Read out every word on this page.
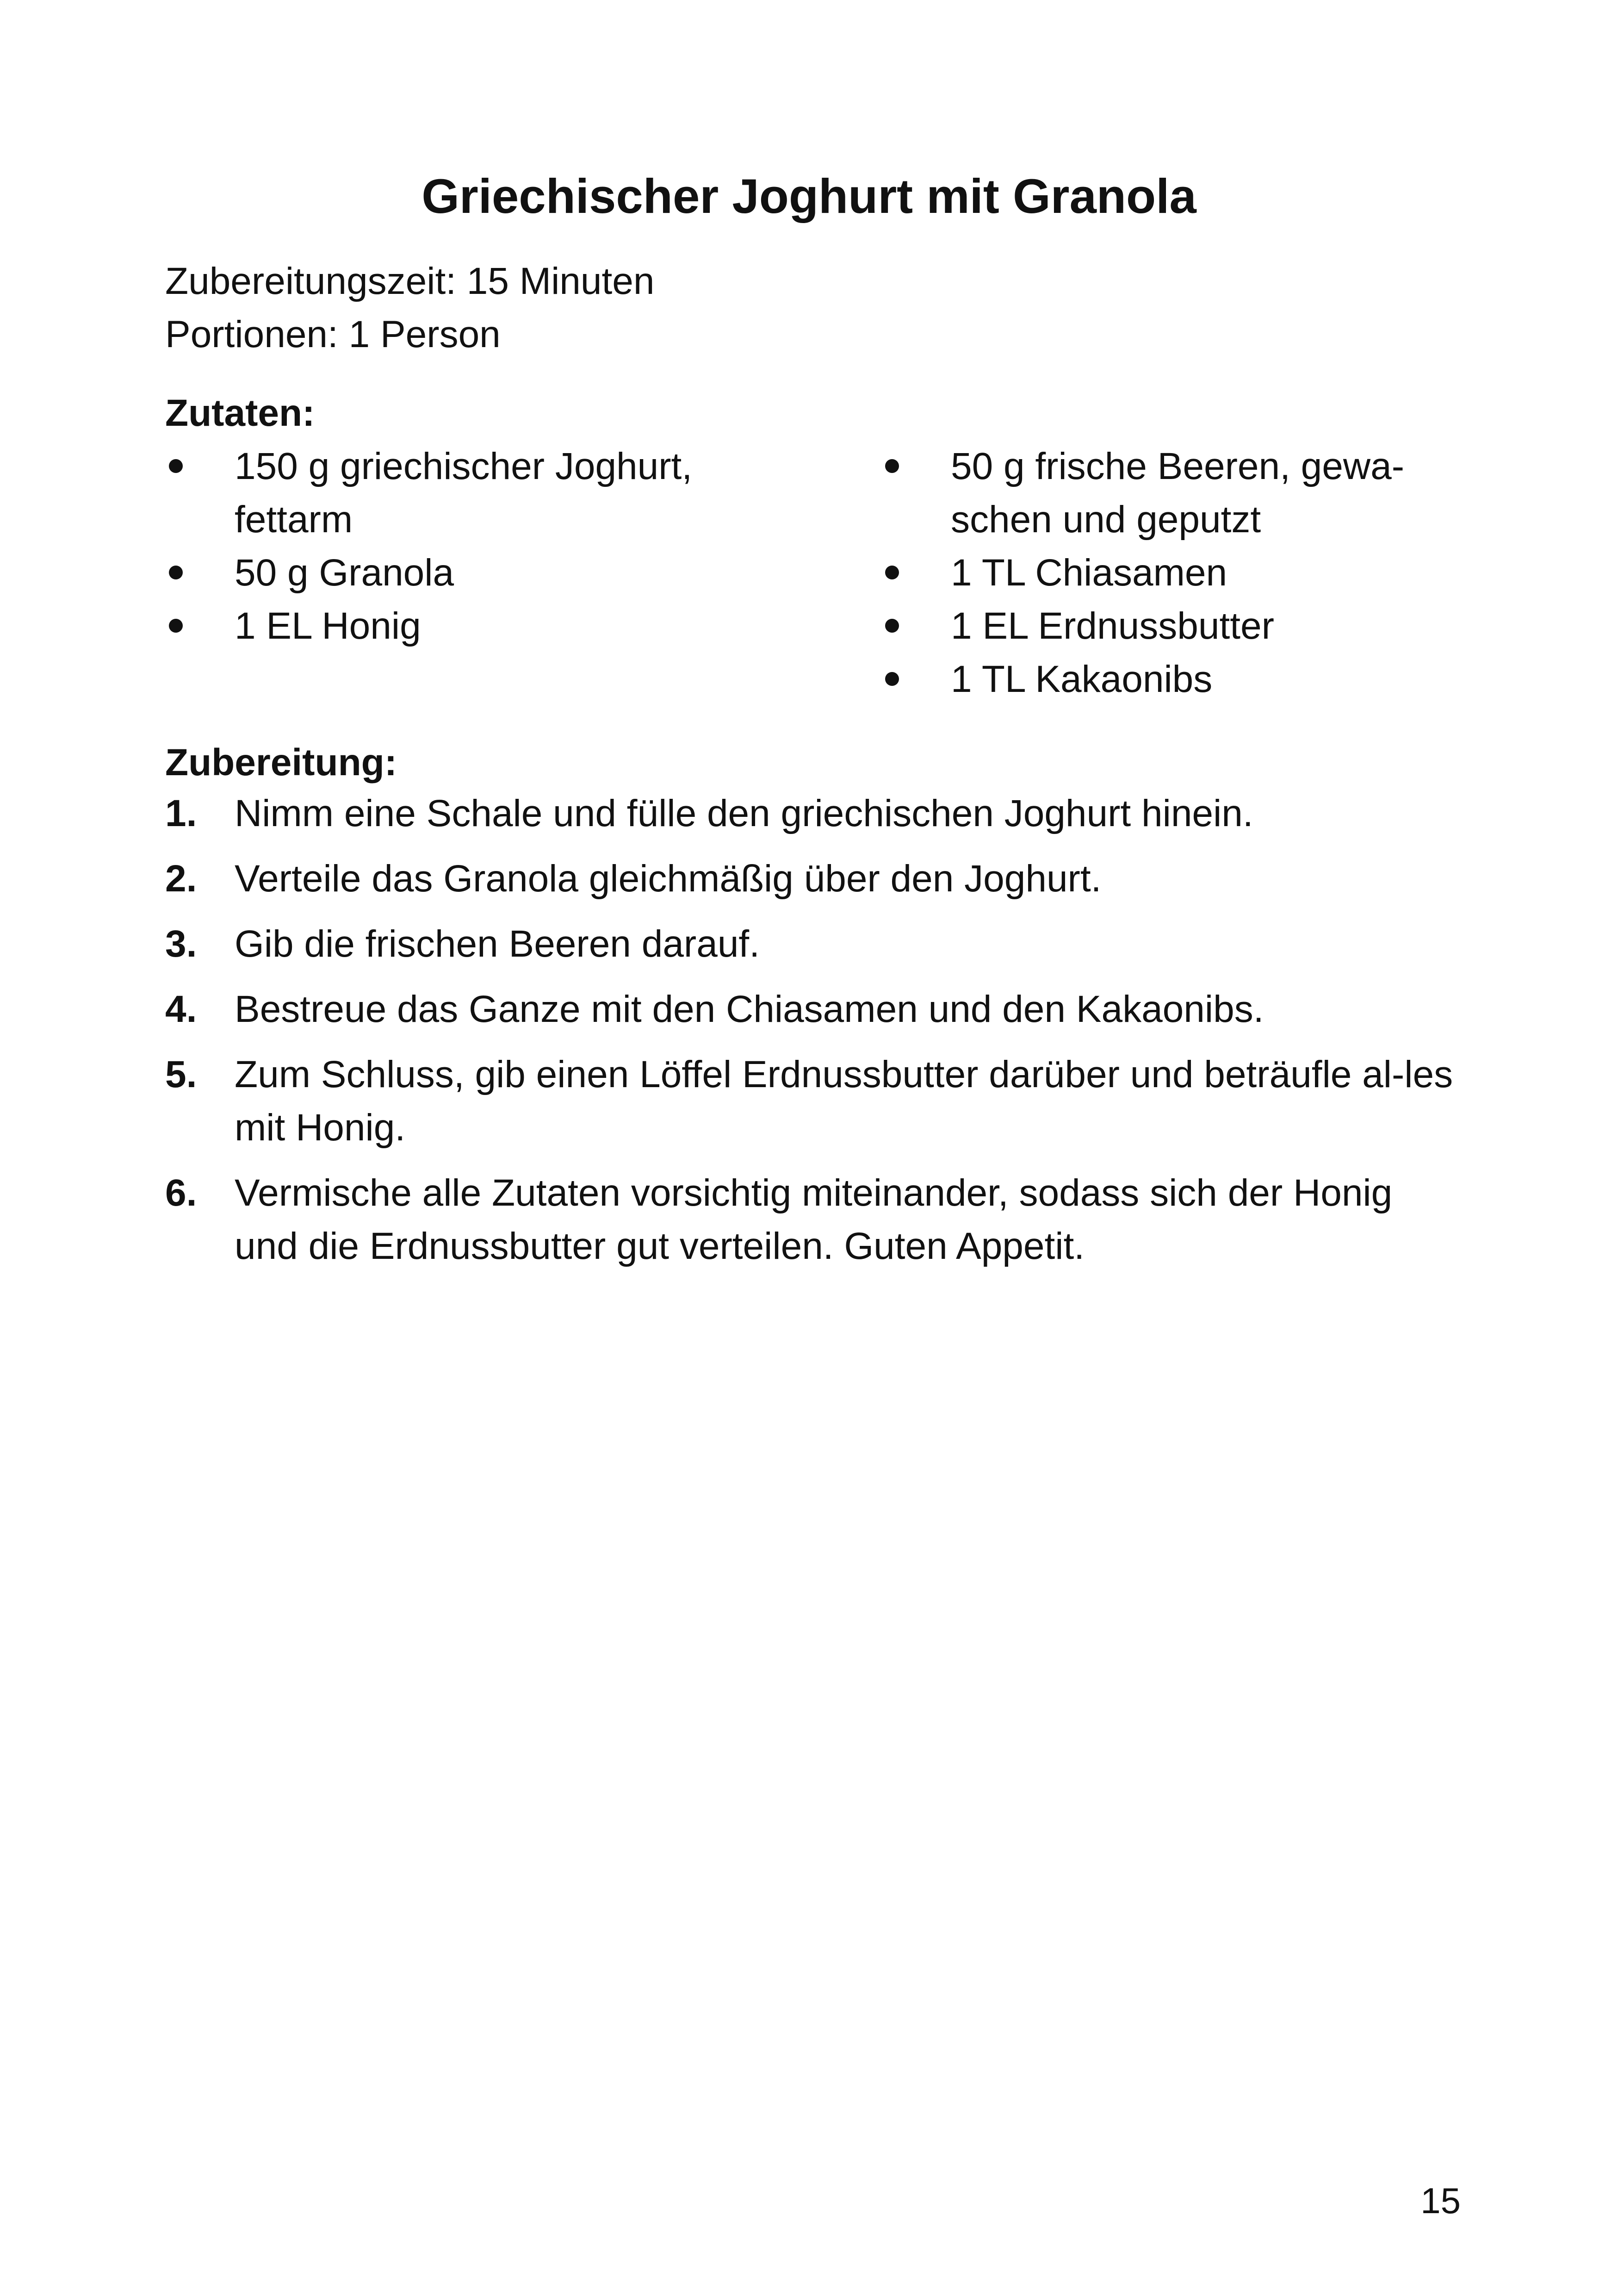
Griechischer Joghurt mit Granola
Zubereitungszeit: 15 Minuten
Portionen: 1 Person
Zutaten:
150 g griechischer Joghurt, fettarm
50 g Granola
1 EL Honig
50 g frische Beeren, gewa-schen und geputzt
1 TL Chiasamen
1 EL Erdnussbutter
1 TL Kakaonibs
Zubereitung:
1. Nimm eine Schale und fülle den griechischen Joghurt hinein.
2. Verteile das Granola gleichmäßig über den Joghurt.
3. Gib die frischen Beeren darauf.
4. Bestreue das Ganze mit den Chiasamen und den Kakaonibs.
5. Zum Schluss, gib einen Löffel Erdnussbutter darüber und beträufle al-les mit Honig.
6. Vermische alle Zutaten vorsichtig miteinander, sodass sich der Honig und die Erdnussbutter gut verteilen. Guten Appetit.
15
